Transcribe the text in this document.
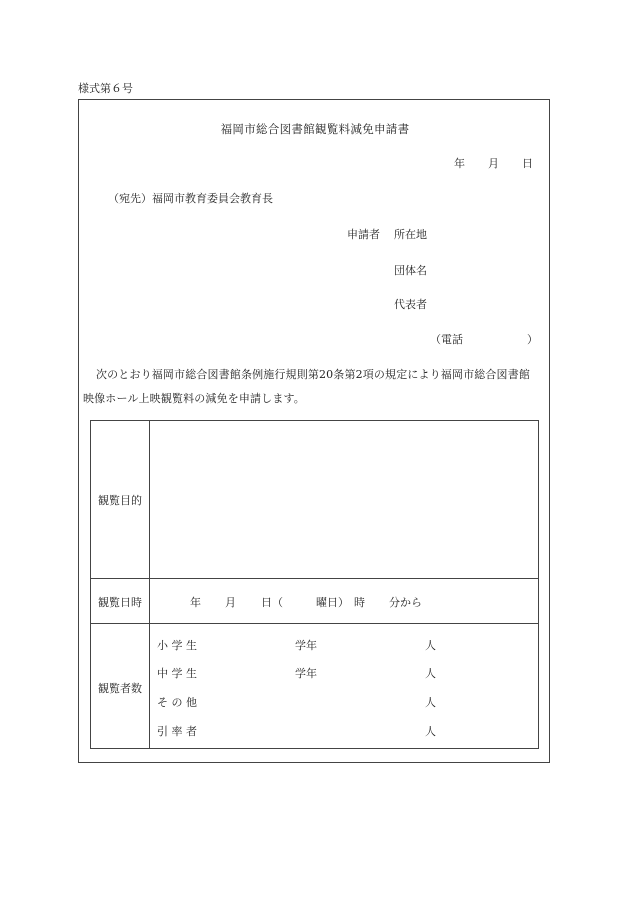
様式第６号
福岡市総合図書館観覧料減免申請書
年 月 日
（宛先）福岡市教育委員会教育長
申請者 所在地
団体名
代表者
（電話	）
次のとおり福岡市総合図書館条例施行規則第20条第2項の規定により福岡市総合図書館
映像ホール上映観覧料の減免を申請します。
観覧目的
観覧日時	年 月 日（	曜日） 時 分から
観覧者数
小 学 生	学年	人
中 学 生	学年	人
そ の 他	人
引 率 者	人
